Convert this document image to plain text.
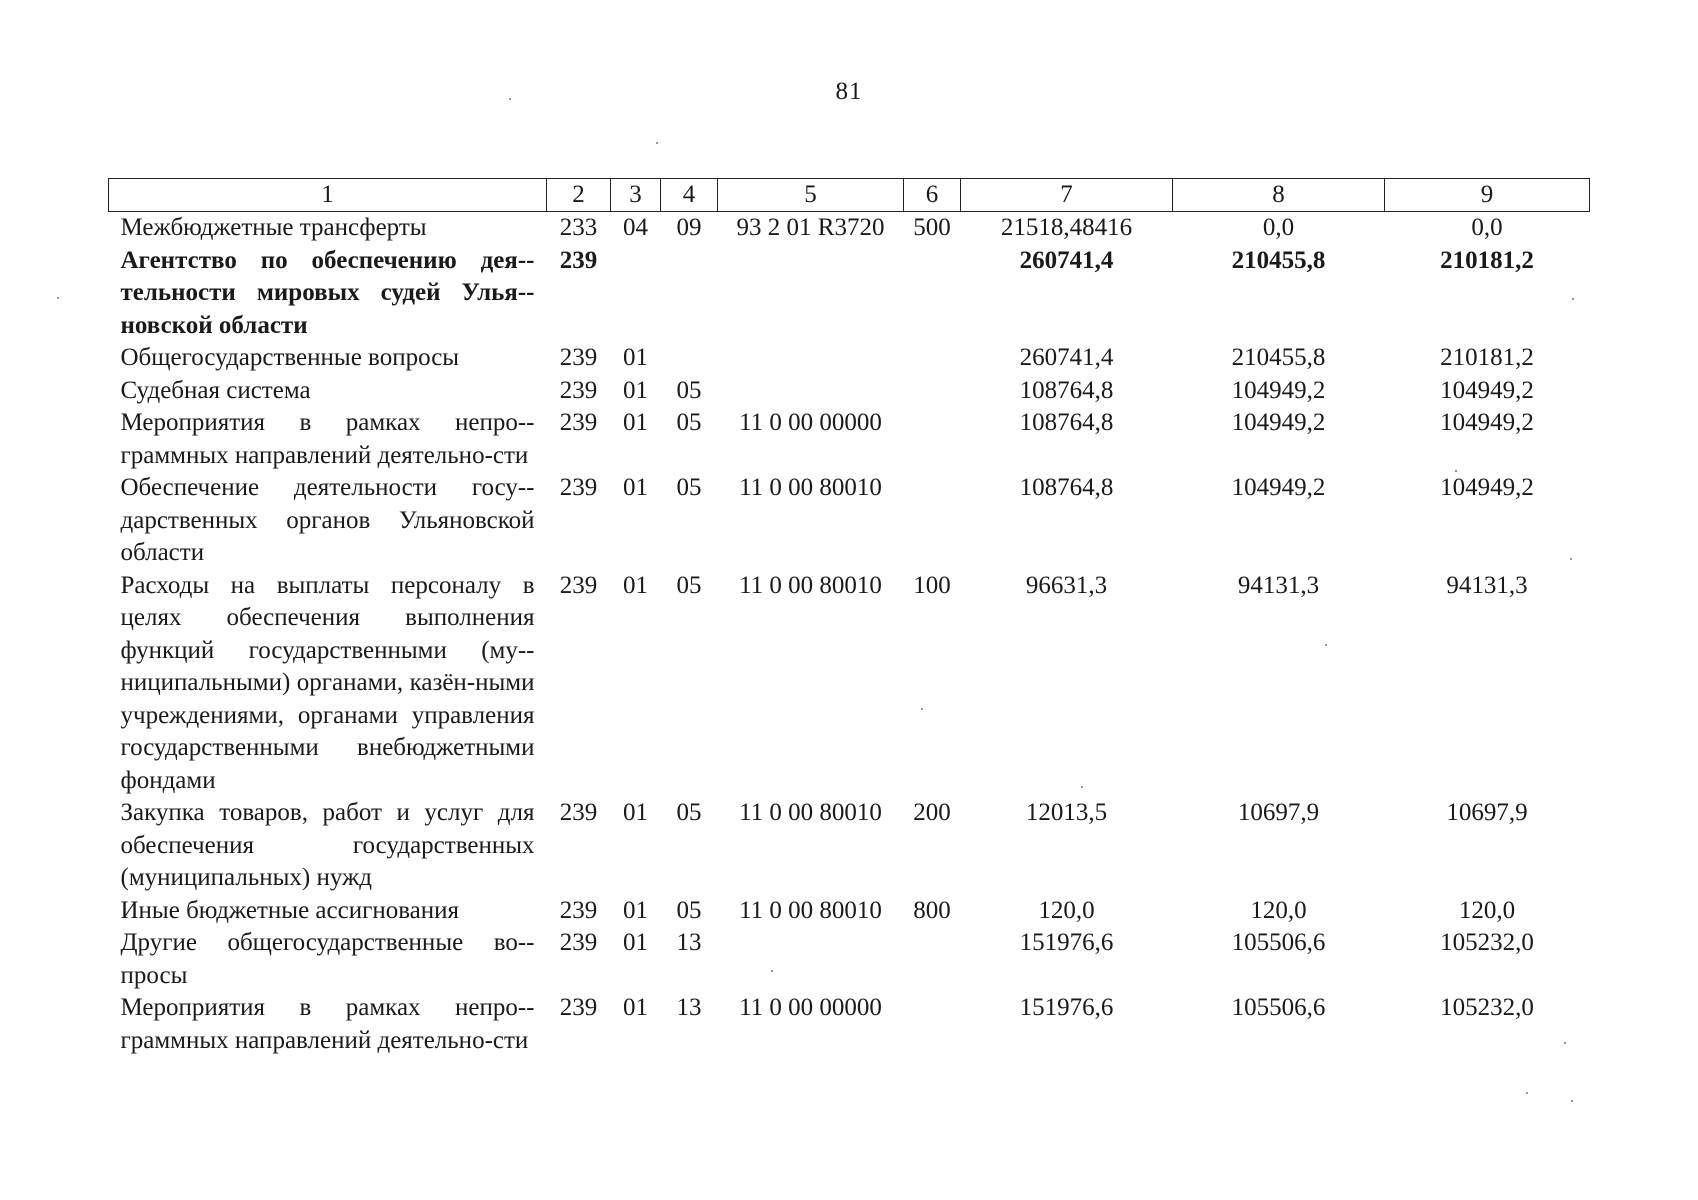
81
1	2	3	4	5	6	7	8	9
Межбюджетные трансферты	233	04	09	93 2 01 R3720	500	21518,48416	0,0	0,0
Агентство по обеспечению дея-тельности мировых судей Улья-новской области	239					260741,4	210455,8	210181,2
Общегосударственные вопросы	239	01				260741,4	210455,8	210181,2
Судебная система	239	01	05			108764,8	104949,2	104949,2
Мероприятия в рамках непро-граммных направлений деятельно-сти	239	01	05	11 0 00 00000		108764,8	104949,2	104949,2
Обеспечение деятельности госу-дарственных органов Ульяновской области	239	01	05	11 0 00 80010		108764,8	104949,2	104949,2
Расходы на выплаты персоналу в целях обеспечения выполнения функций государственными (му-ниципальными) органами, казён-ными учреждениями, органами управления государственными внебюджетными фондами	239	01	05	11 0 00 80010	100	96631,3	94131,3	94131,3
Закупка товаров, работ и услуг для обеспечения государственных (муниципальных) нужд	239	01	05	11 0 00 80010	200	12013,5	10697,9	10697,9
Иные бюджетные ассигнования	239	01	05	11 0 00 80010	800	120,0	120,0	120,0
Другие общегосударственные во-просы	239	01	13			151976,6	105506,6	105232,0
Мероприятия в рамках непро-граммных направлений деятельно-сти	239	01	13	11 0 00 00000		151976,6	105506,6	105232,0
